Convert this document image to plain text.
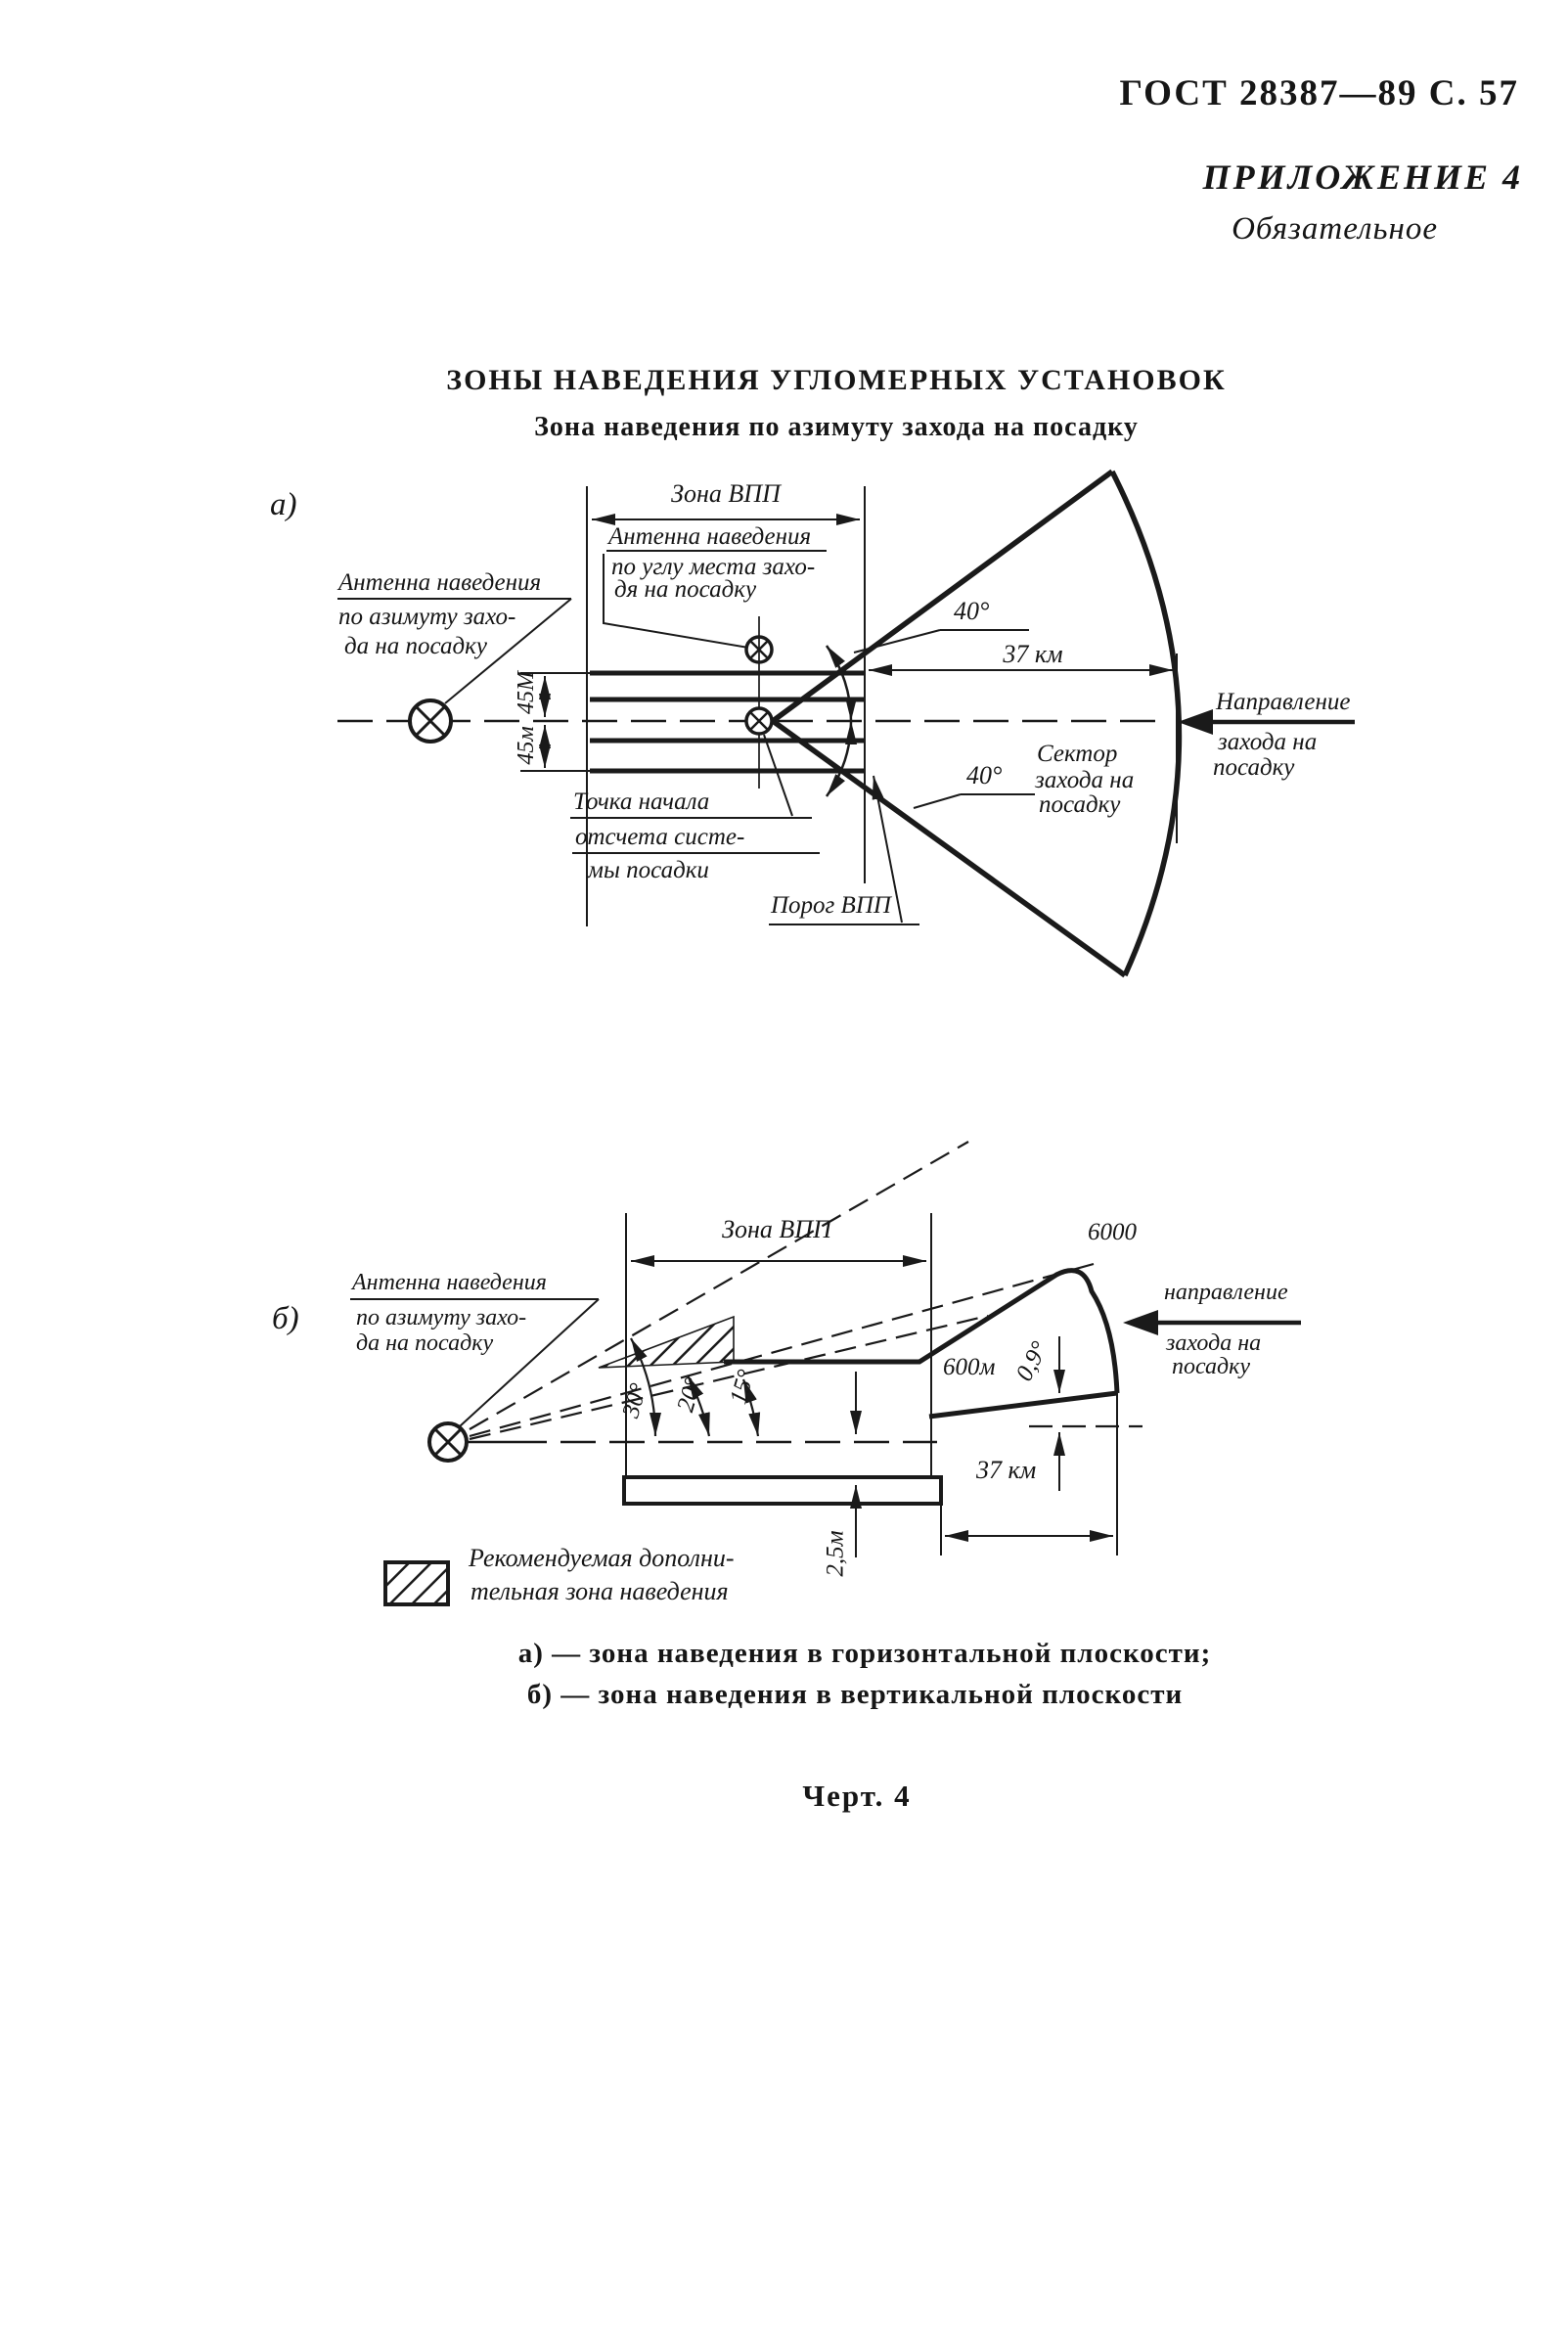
ГОСТ 28387—89 С. 57
ПРИЛОЖЕНИЕ 4
Обязательное
ЗОНЫ НАВЕДЕНИЯ УГЛОМЕРНЫХ УСТАНОВОК
Зона наведения по азимуту захода на посадку
а)	Зона ВПП
Антенна наведения
по азимуту захо-
да на посадку
Антенна наведения
по углу места захо-
дя на посадку
45М
45м
Точка начала
отсчета систе-
мы посадки
Порог ВПП
40°
40°
37 км
Направление
захода на
посадку
Сектор
захода на
посадку
б)
Зона ВПП
Антенна наведения
по азимуту захо-
да на посадку
6000
600м
30° 20° 15°
0,9°
2,5м
37 км
направление
захода на
посадку
Рекомендуемая дополни-
тельная зона наведения
а) — зона наведения в горизонтальной плоскости;
б) — зона наведения в вертикальной плоскости
Черт. 4
